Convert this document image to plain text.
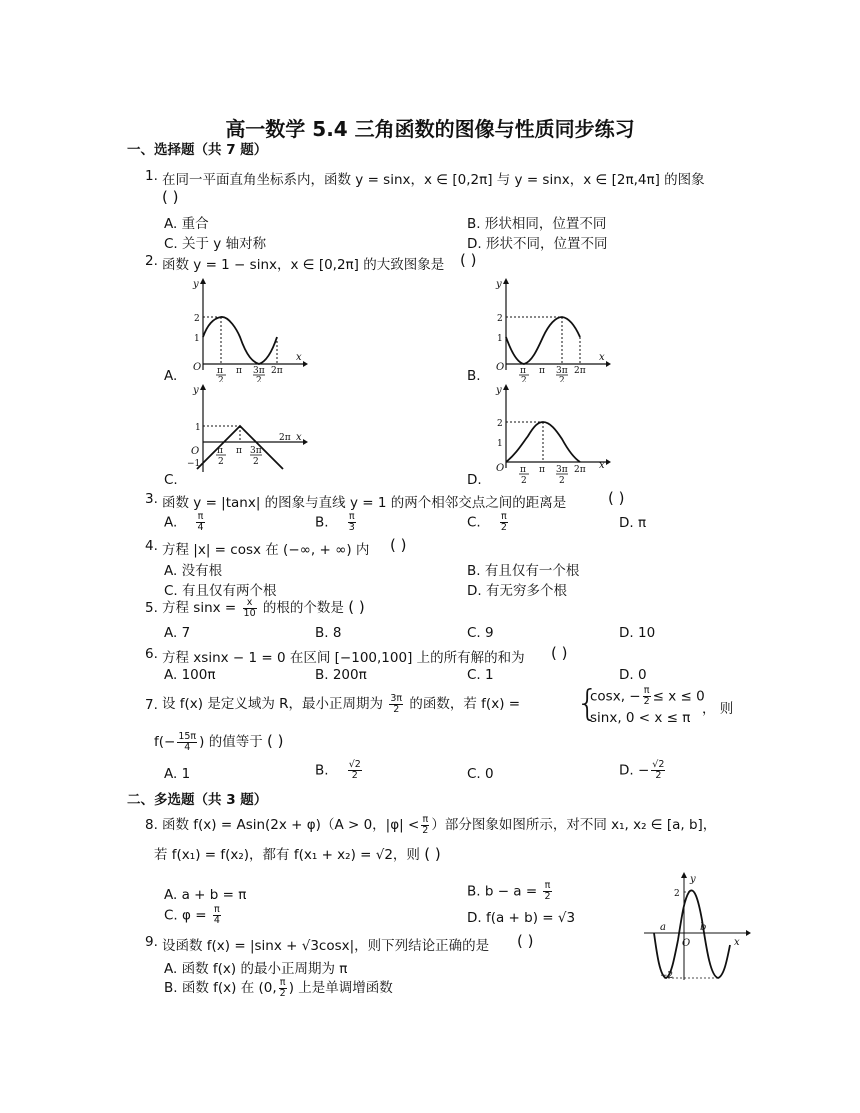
高一数学 5.4 三角函数的图像与性质同步练习
一、选择题（共 7 题）
1. 在同一平面直角坐标系内，函数 y = sinx，x ∈ [0,2π] 与 y = sinx，x ∈ [2π,4π] 的图象
( )
A. 重合	B. 形状相同，位置不同
C. 关于 y 轴对称	D. 形状不同，位置不同
2. 函数 y = 1 − sinx，x ∈ [0,2π] 的大致图象是 ( )
A.	B.
C.	D.
y
x
O
2
1
π
2
π 3π
2
2π
y
x
O
2
1
π
2
π 3π
2
2π
y
x
O
1
−1
π
2
π 3π
2
2π
y
x
O
2
1
π
2
π 3π
2
2π
3. 函数 y = |tanx| 的图象与直线 y = 1 的两个相邻交点之间的距离是	( )
A. $\frac{\pi}{4}$	B. $\frac{\pi}{3}$	C. $\frac{\pi}{2}$	D. π
4. 方程 |x| = cosx 在 (−∞, + ∞) 内 ( )
A. 没有根	B. 有且仅有一个根
C. 有且仅有两个根	D. 有无穷多个根
5. 方程 $\sin x = \frac{x}{10}$ 的根的个数是 ( )
A. 7	B. 8	C. 9	D. 10
6. 方程 xsinx − 1 = 0 在区间 [−100,100] 上的所有解的和为 ( )
A. 100π	B. 200π	C. 1	D. 0
7. 设 f(x) 是定义域为 R，最小正周期为 $\frac{3\pi}{2}$ 的函数，若 f(x) = {
cosx, − $\frac{\pi}{2} \le x \le 0$
sinx, 0 < x ≤ π
， 则
$f(- \frac{15\pi}{4}$ ) 的值等于 ( )
A. 1	B. $\frac{√2}{2}$	C. 0	D. − $\frac{√2}{2}$
二、多选题（共 3 题）
8. 函数 f(x) = Asin(2x + φ)（A > 0，$|\varphi| < \frac{\pi}{2}$ ）部分图象如图所示，对不同 x₁, x₂ ∈ [a, b]，
若 f(x₁) = f(x₂)，都有 f(x₁ + x₂) = √2，则 ( )
A. a + b = π	B. $b - a = \frac{\pi}{2}$
C. $\varphi = \frac{\pi}{4}$	D. f(a + b) = √3
y
x
O
a	b
2
−2
9. 设函数 f(x) = |sinx + √3cosx|，则下列结论正确的是 ( )
A. 函数 f(x) 的最小正周期为 π
B. 函数 f(x) 在 (0, $\frac{\pi}{2}$ ) 上是单调增函数
